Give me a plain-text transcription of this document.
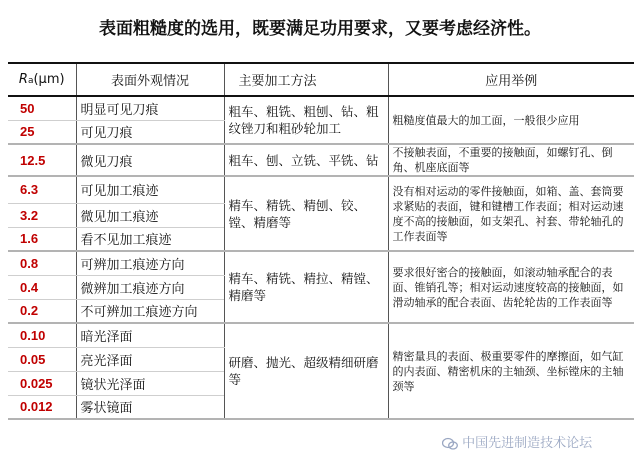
表面粗糙度的选用，既要满足功用要求，又要考虑经济性。
Ra(μm)	表面外观情况	主要加工方法	应用举例
50	明显可见刀痕	粗车、粗铣、粗刨、钻、粗纹锉刀和粗砂轮加工	粗糙度值最大的加工面，一般很少应用
25	可见刀痕		
12.5	微见刀痕	粗车、刨、立铣、平铣、钻	不接触表面，不重要的接触面，如螺钉孔、倒角、机座底面等
6.3	可见加工痕迹	精车、精铣、精刨、铰、镗、精磨等	没有相对运动的零件接触面，如箱、盖、套筒要求紧贴的表面，键和键槽工作表面；相对运动速度不高的接触面，如支架孔、衬套、带轮轴孔的工作表面等
3.2	微见加工痕迹		
1.6	看不见加工痕迹		
0.8	可辨加工痕迹方向	精车、精铣、精拉、精镗、精磨等	要求很好密合的接触面，如滚动轴承配合的表面、锥销孔等；相对运动速度较高的接触面，如滑动轴承的配合表面、齿轮轮齿的工作表面等
0.4	微辨加工痕迹方向		
0.2	不可辨加工痕迹方向		
0.10	暗光泽面	研磨、抛光、超级精细研磨等	精密量具的表面、极重要零件的摩擦面，如气缸的内表面、精密机床的主轴颈、坐标镗床的主轴颈等
0.05	亮光泽面		
0.025	镜状光泽面		
0.012	雾状镜面		
中国先进制造技术论坛
